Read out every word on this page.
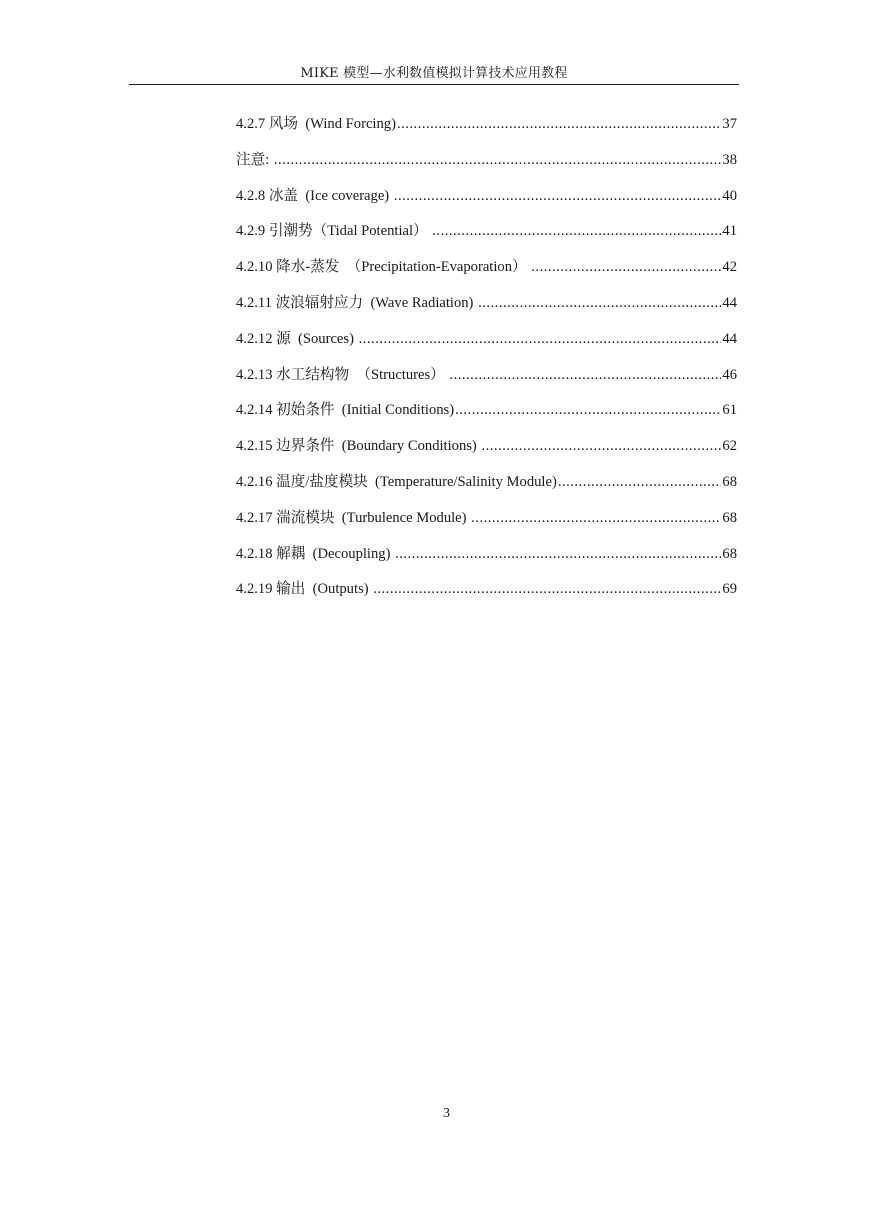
MIKE 模型—水利数值模拟计算技术应用教程
4.2.7 风场  (Wind Forcing) .....	37
注意: .....	38
4.2.8 冰盖  (Ice coverage) .....	40
4.2.9 引潮势（Tidal Potential） .....	41
4.2.10 降水-蒸发  （Precipitation-Evaporation） .....	42
4.2.11 波浪辐射应力  (Wave Radiation) .....	44
4.2.12 源  (Sources) .....	44
4.2.13 水工结构物  （Structures） .....	46
4.2.14 初始条件  (Initial Conditions) .....	61
4.2.15 边界条件  (Boundary Conditions) .....	62
4.2.16 温度/盐度模块  (Temperature/Salinity Module) .....	68
4.2.17 湍流模块  (Turbulence Module) .....	68
4.2.18 解耦  (Decoupling) .....	68
4.2.19 输出  (Outputs) .....	69
3
